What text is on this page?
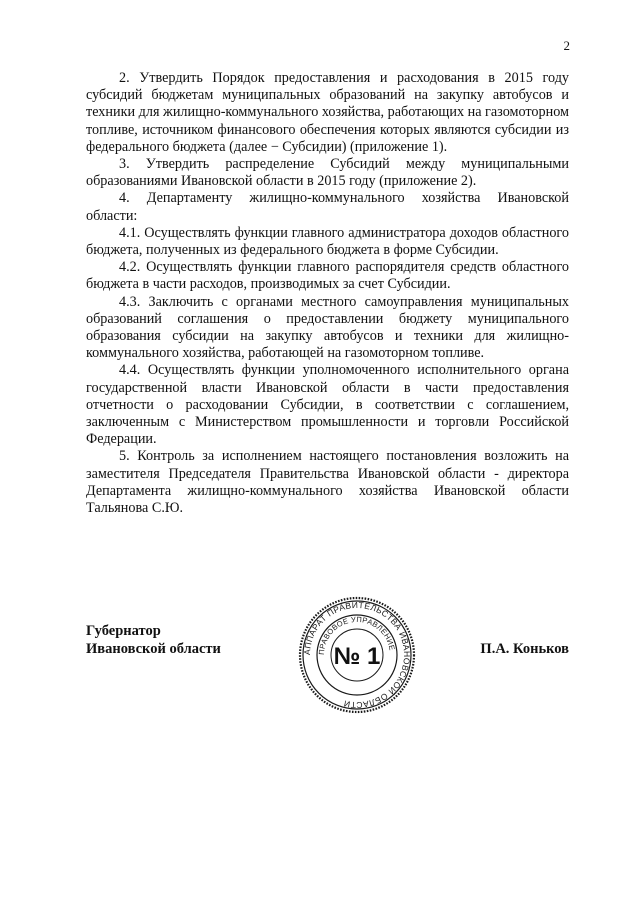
2

2. Утвердить Порядок предоставления и расходования в 2015 году субсидий бюджетам муниципальных образований на закупку автобусов и техники для жилищно-коммунального хозяйства, работающих на газомоторном топливе, источником финансового обеспечения которых являются субсидии из федерального бюджета (далее − Субсидии) (приложение 1).

3. Утвердить распределение Субсидий между муниципальными образованиями Ивановской области в 2015 году (приложение 2).

4. Департаменту жилищно-коммунального хозяйства Ивановской области:

4.1. Осуществлять функции главного администратора доходов областного бюджета, полученных из федерального бюджета в форме Субсидии.

4.2. Осуществлять функции главного распорядителя средств областного бюджета в части расходов, производимых за счет Субсидии.

4.3. Заключить с органами местного самоуправления муниципальных образований соглашения о предоставлении бюджету муниципального образования субсидии на закупку автобусов и техники для жилищно-коммунального хозяйства, работающей на газомоторном топливе.

4.4. Осуществлять функции уполномоченного исполнительного органа государственной власти Ивановской области в части предоставления отчетности о расходовании Субсидии, в соответствии с соглашением, заключенным с Министерством промышленности и торговли Российской Федерации.

5. Контроль за исполнением настоящего постановления возложить на заместителя Председателя Правительства Ивановской области - директора Департамента жилищно-коммунального хозяйства Ивановской области Тальянова С.Ю.

Губернатор
Ивановской области	АППАРАТ ПРАВИТЕЛЬСТВА ИВАНОВСКОЙ ОБЛАСТИ
ПРАВОВОЕ УПРАВЛЕНИЕ
№ 1	П.А. Коньков
